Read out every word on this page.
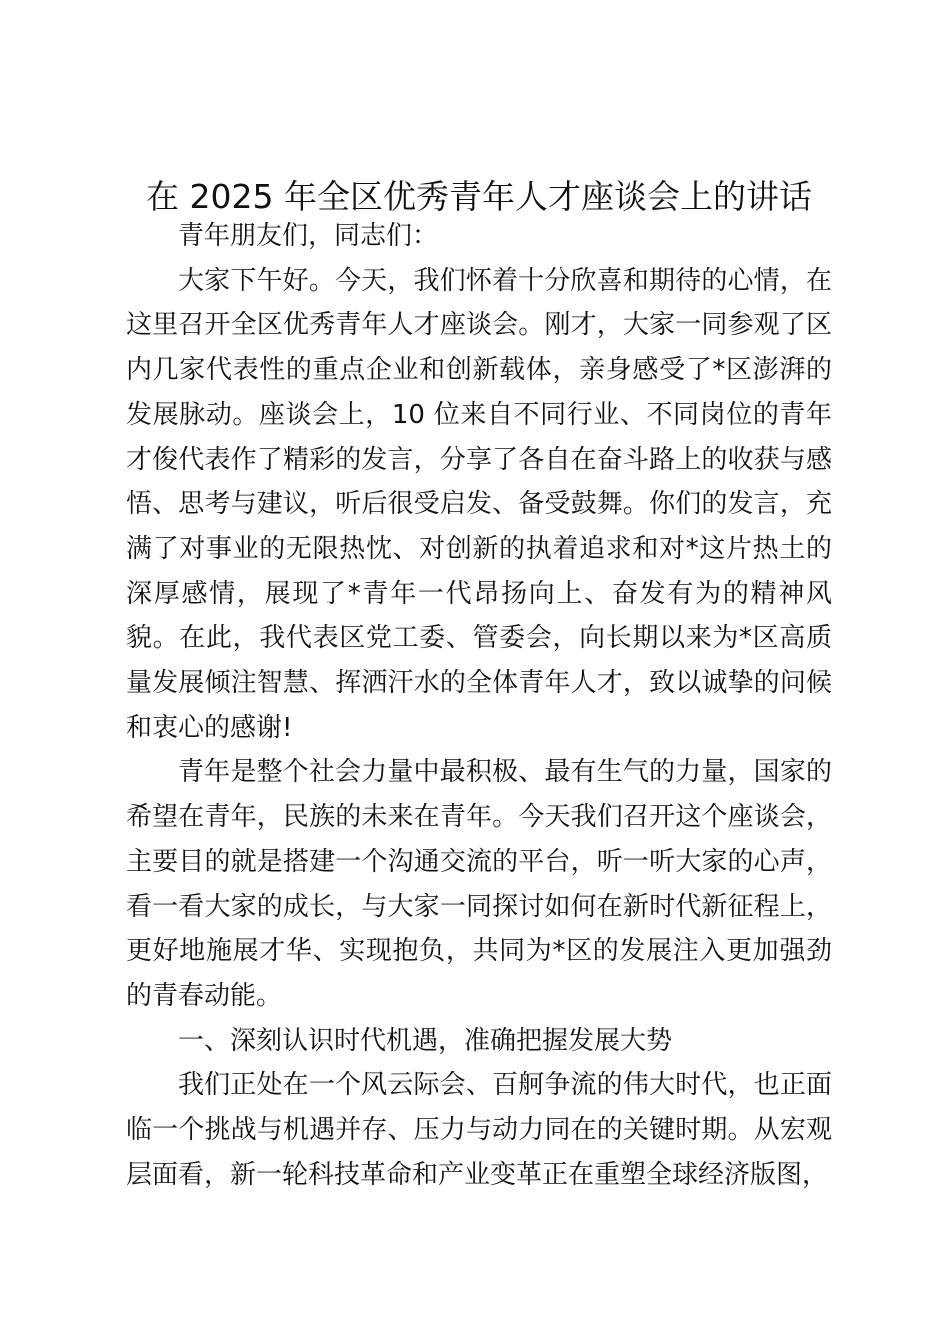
在 2025 年全区优秀青年人才座谈会上的讲话

青年朋友们，同志们：

大家下午好。今天，我们怀着十分欣喜和期待的心情，在这里召开全区优秀青年人才座谈会。刚才，大家一同参观了区内几家代表性的重点企业和创新载体，亲身感受了*区澎湃的发展脉动。座谈会上，10 位来自不同行业、不同岗位的青年才俊代表作了精彩的发言，分享了各自在奋斗路上的收获与感悟、思考与建议，听后很受启发、备受鼓舞。你们的发言，充满了对事业的无限热忱、对创新的执着追求和对*这片热土的深厚感情，展现了*青年一代昂扬向上、奋发有为的精神风貌。在此，我代表区党工委、管委会，向长期以来为*区高质量发展倾注智慧、挥洒汗水的全体青年人才，致以诚挚的问候和衷心的感谢!

青年是整个社会力量中最积极、最有生气的力量，国家的希望在青年，民族的未来在青年。今天我们召开这个座谈会，主要目的就是搭建一个沟通交流的平台，听一听大家的心声，看一看大家的成长，与大家一同探讨如何在新时代新征程上，更好地施展才华、实现抱负，共同为*区的发展注入更加强劲的青春动能。

一、深刻认识时代机遇，准确把握发展大势

我们正处在一个风云际会、百舸争流的伟大时代，也正面临一个挑战与机遇并存、压力与动力同在的关键时期。从宏观层面看，新一轮科技革命和产业变革正在重塑全球经济版图，
